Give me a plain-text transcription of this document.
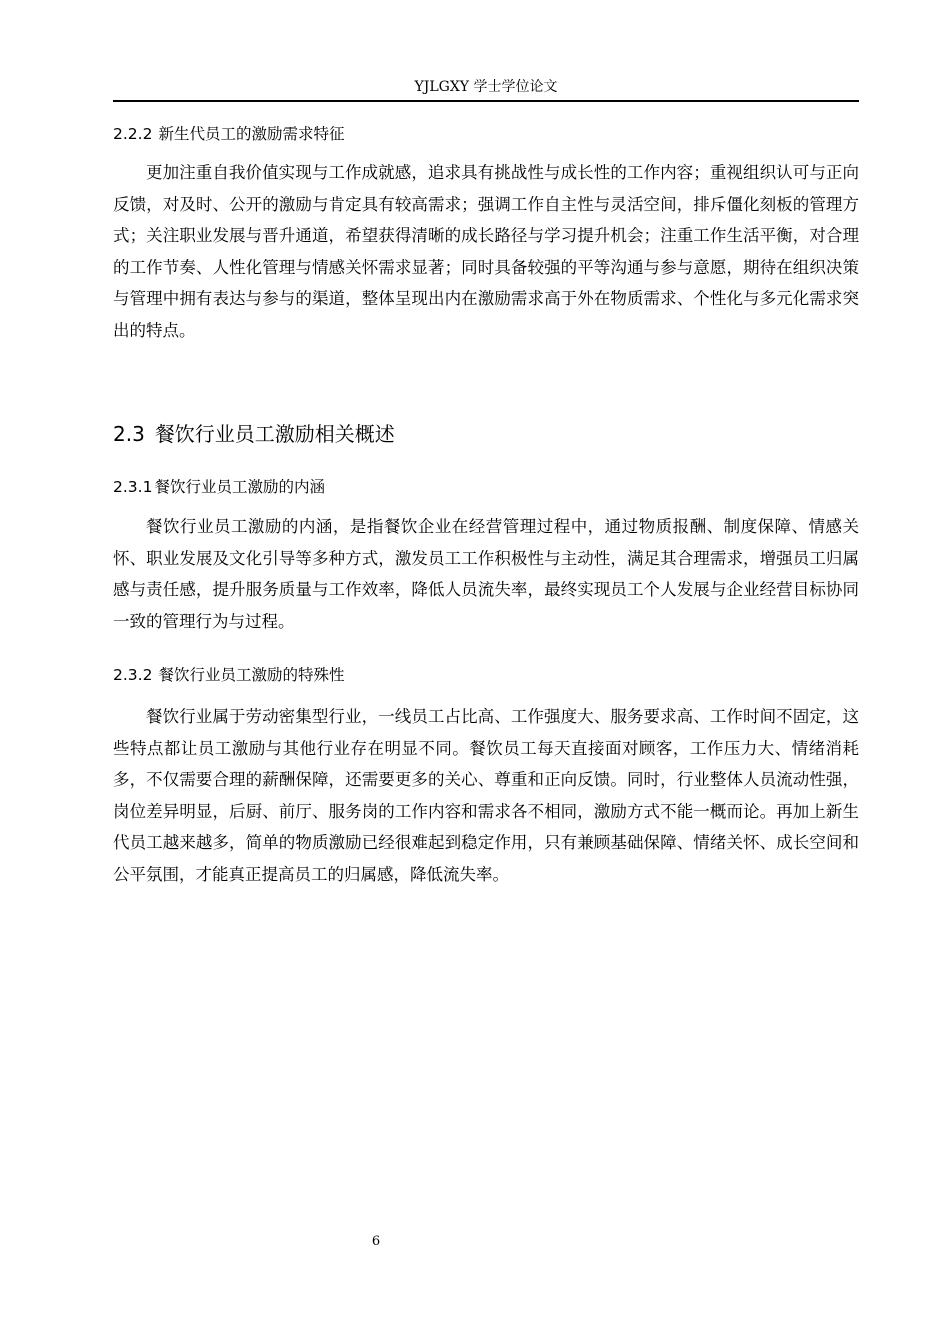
YJLGXY 学士学位论文
2.2.2 新生代员工的激励需求特征

更加注重自我价值实现与工作成就感，追求具有挑战性与成长性的工作内容；重视组织认可与正向反馈，对及时、公开的激励与肯定具有较高需求；强调工作自主性与灵活空间，排斥僵化刻板的管理方式；关注职业发展与晋升通道，希望获得清晰的成长路径与学习提升机会；注重工作生活平衡，对合理的工作节奏、人性化管理与情感关怀需求显著；同时具备较强的平等沟通与参与意愿，期待在组织决策与管理中拥有表达与参与的渠道，整体呈现出内在激励需求高于外在物质需求、个性化与多元化需求突出的特点。

2.3 餐饮行业员工激励相关概述
2.3.1 餐饮行业员工激励的内涵

餐饮行业员工激励的内涵，是指餐饮企业在经营管理过程中，通过物质报酬、制度保障、情感关怀、职业发展及文化引导等多种方式，激发员工工作积极性与主动性，满足其合理需求，增强员工归属感与责任感，提升服务质量与工作效率，降低人员流失率，最终实现员工个人发展与企业经营目标协同一致的管理行为与过程。

2.3.2 餐饮行业员工激励的特殊性

餐饮行业属于劳动密集型行业，一线员工占比高、工作强度大、服务要求高、工作时间不固定，这些特点都让员工激励与其他行业存在明显不同。餐饮员工每天直接面对顾客，工作压力大、情绪消耗多，不仅需要合理的薪酬保障，还需要更多的关心、尊重和正向反馈。同时，行业整体人员流动性强，岗位差异明显，后厨、前厅、服务岗的工作内容和需求各不相同，激励方式不能一概而论。再加上新生代员工越来越多，简单的物质激励已经很难起到稳定作用，只有兼顾基础保障、情绪关怀、成长空间和公平氛围，才能真正提高员工的归属感，降低流失率。

6
